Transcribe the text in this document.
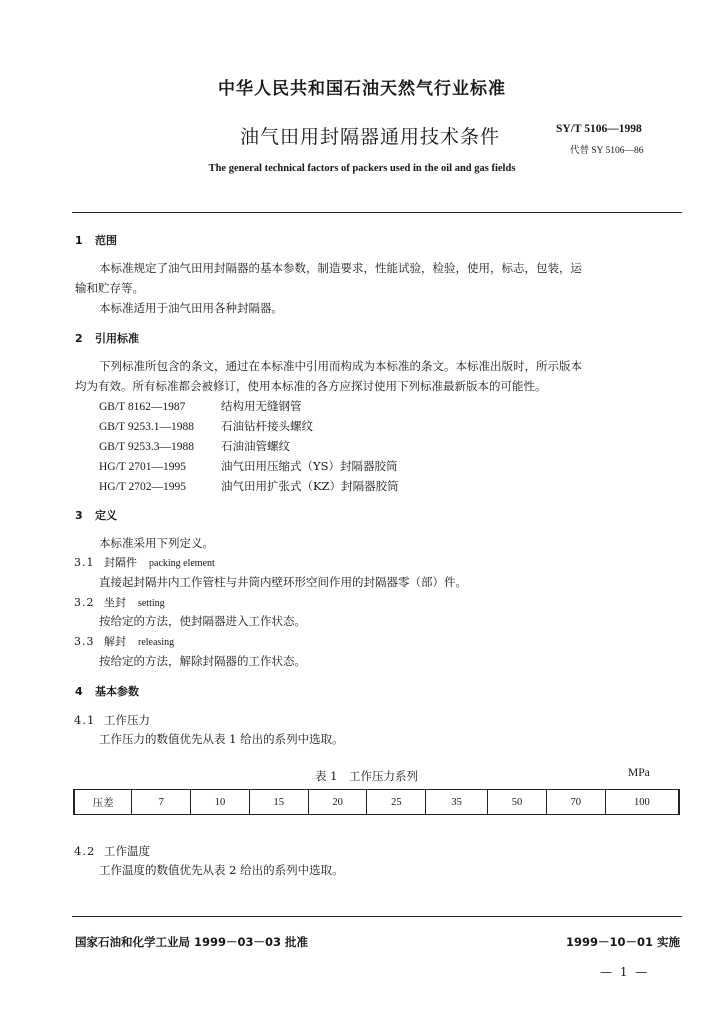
中华人民共和国石油天然气行业标准
油气田用封隔器通用技术条件	SY/T 5106—1998
代替 SY 5106—86
The general technical factors of packers used in the oil and gas fields
1 范围
本标准规定了油气田用封隔器的基本参数，制造要求，性能试验，检验，使用，标志，包装，运
输和贮存等。
本标准适用于油气田用各种封隔器。
2 引用标准
下列标准所包含的条文，通过在本标准中引用而构成为本标准的条文。本标准出版时，所示版本
均为有效。所有标准都会被修订，使用本标准的各方应探讨使用下列标准最新版本的可能性。
GB/T 8162—1987	结构用无缝钢管
GB/T 9253.1—1988 石油钻杆接头螺纹
GB/T 9253.3—1988 石油油管螺纹
HG/T 2701—1995	油气田用压缩式（YS）封隔器胶筒
HG/T 2702—1995	油气田用扩张式（KZ）封隔器胶筒
3 定义
本标准采用下列定义。
3.1 封隔件 packing element
直接起封隔井内工作管柱与井筒内壁环形空间作用的封隔器零（部）件。
3.2 坐封 setting
按给定的方法，使封隔器进入工作状态。
3.3 解封 releasing
按给定的方法，解除封隔器的工作状态。
4 基本参数
4.1 工作压力
工作压力的数值优先从表 1 给出的系列中选取。
表 1　工作压力系列	MPa
压差	7	10	15	20	25	35	50	70	100
4.2 工作温度
工作温度的数值优先从表 2 给出的系列中选取。
国家石油和化学工业局 1999－03－03 批准	1999－10－01 实施
— 1 —
